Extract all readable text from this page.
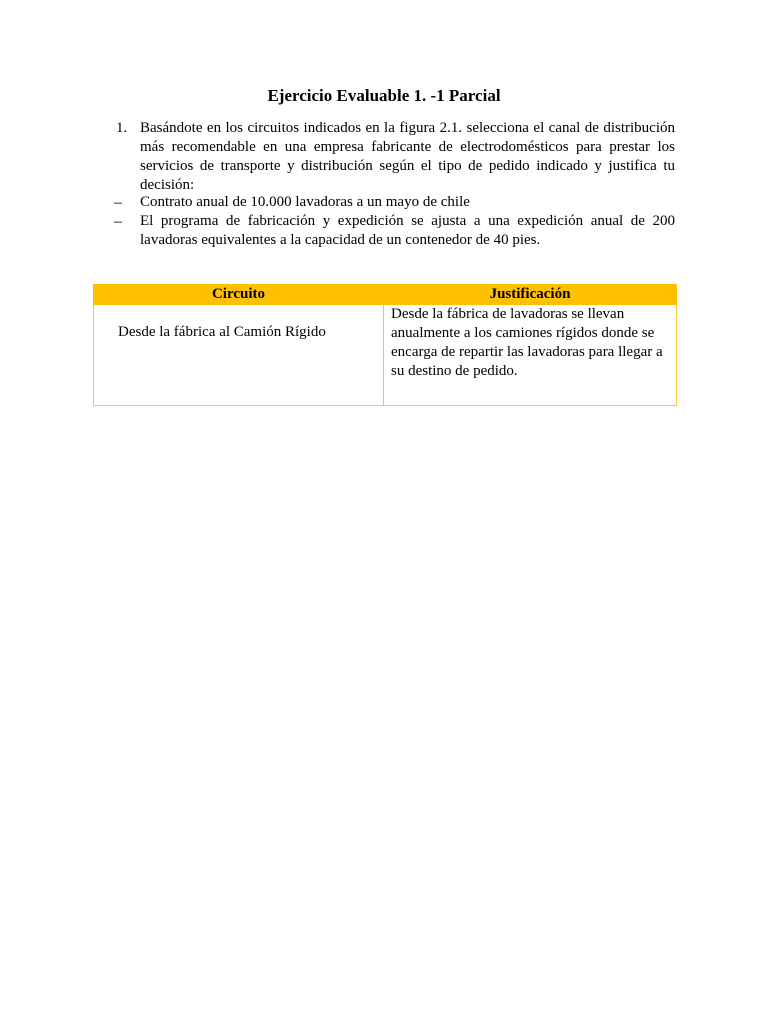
Ejercicio Evaluable 1. -1 Parcial
1. Basándote en los circuitos indicados en la figura 2.1. selecciona el canal de distribución más recomendable en una empresa fabricante de electrodomésticos para prestar los servicios de transporte y distribución según el tipo de pedido indicado y justifica tu decisión:
– Contrato anual de 10.000 lavadoras a un mayo de chile
– El programa de fabricación y expedición se ajusta a una expedición anual de 200 lavadoras equivalentes a la capacidad de un contenedor de 40 pies.
Circuito	Justificación

Desde la fábrica al Camión Rígido	Desde la fábrica de lavadoras se llevan anualmente a los camiones rígidos donde se encarga de repartir las lavadoras para llegar a su destino de pedido.
